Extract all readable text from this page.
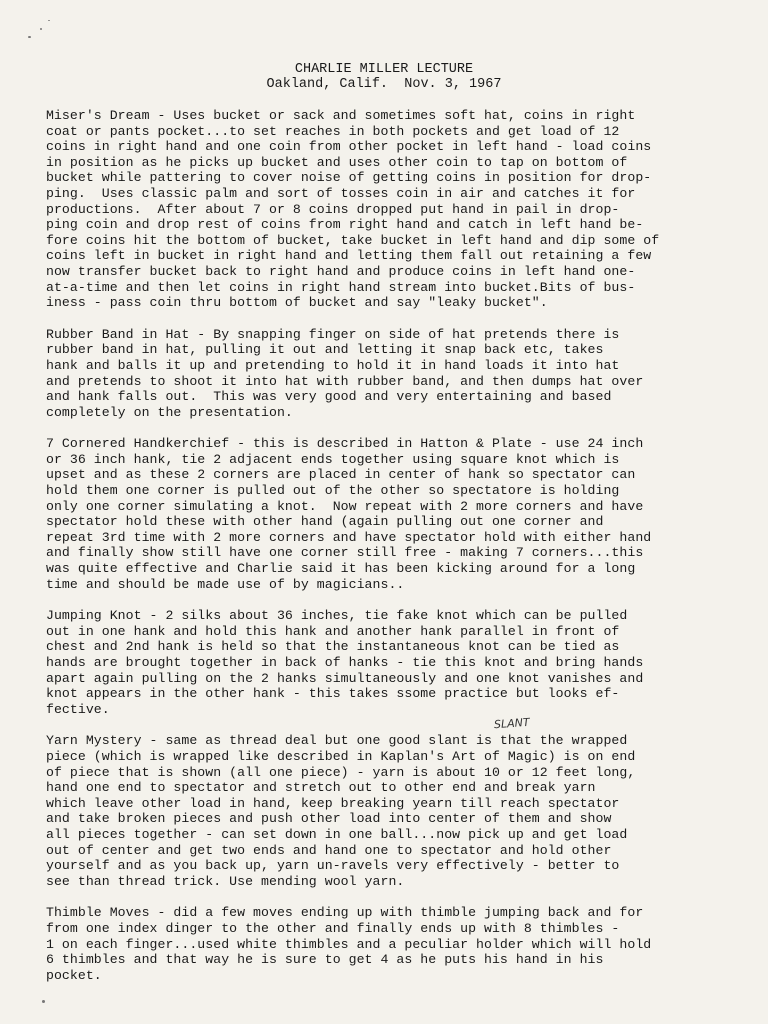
CHARLIE MILLER LECTURE
Oakland, Calif.  Nov. 3, 1967
SLANT
Miser's Dream - Uses bucket or sack and sometimes soft hat, coins in right
coat or pants pocket...to set reaches in both pockets and get load of 12
coins in right hand and one coin from other pocket in left hand - load coins
in position as he picks up bucket and uses other coin to tap on bottom of
bucket while pattering to cover noise of getting coins in position for drop-
ping.  Uses classic palm and sort of tosses coin in air and catches it for
productions.  After about 7 or 8 coins dropped put hand in pail in drop-
ping coin and drop rest of coins from right hand and catch in left hand be-
fore coins hit the bottom of bucket, take bucket in left hand and dip some of
coins left in bucket in right hand and letting them fall out retaining a few
now transfer bucket back to right hand and produce coins in left hand one-
at-a-time and then let coins in right hand stream into bucket.Bits of bus-
iness - pass coin thru bottom of bucket and say "leaky bucket".
Rubber Band in Hat - By snapping finger on side of hat pretends there is
rubber band in hat, pulling it out and letting it snap back etc, takes
hank and balls it up and pretending to hold it in hand loads it into hat
and pretends to shoot it into hat with rubber band, and then dumps hat over
and hank falls out.  This was very good and very entertaining and based
completely on the presentation.
7 Cornered Handkerchief - this is described in Hatton & Plate - use 24 inch
or 36 inch hank, tie 2 adjacent ends together using square knot which is
upset and as these 2 corners are placed in center of hank so spectator can
hold them one corner is pulled out of the other so spectatore is holding
only one corner simulating a knot.  Now repeat with 2 more corners and have
spectator hold these with other hand (again pulling out one corner and
repeat 3rd time with 2 more corners and have spectator hold with either hand
and finally show still have one corner still free - making 7 corners...this
was quite effective and Charlie said it has been kicking around for a long
time and should be made use of by magicians..
Jumping Knot - 2 silks about 36 inches, tie fake knot which can be pulled
out in one hank and hold this hank and another hank parallel in front of
chest and 2nd hank is held so that the instantaneous knot can be tied as
hands are brought together in back of hanks - tie this knot and bring hands
apart again pulling on the 2 hanks simultaneously and one knot vanishes and
knot appears in the other hank - this takes ssome practice but looks ef-
fective.
Yarn Mystery - same as thread deal but one good slant is that the wrapped
piece (which is wrapped like described in Kaplan's Art of Magic) is on end
of piece that is shown (all one piece) - yarn is about 10 or 12 feet long,
hand one end to spectator and stretch out to other end and break yarn
which leave other load in hand, keep breaking yearn till reach spectator
and take broken pieces and push other load into center of them and show
all pieces together - can set down in one ball...now pick up and get load
out of center and get two ends and hand one to spectator and hold other
yourself and as you back up, yarn un-ravels very effectively - better to
see than thread trick. Use mending wool yarn.
Thimble Moves - did a few moves ending up with thimble jumping back and for
from one index dinger to the other and finally ends up with 8 thimbles -
1 on each finger...used white thimbles and a peculiar holder which will hold
6 thimbles and that way he is sure to get 4 as he puts his hand in his
pocket.
